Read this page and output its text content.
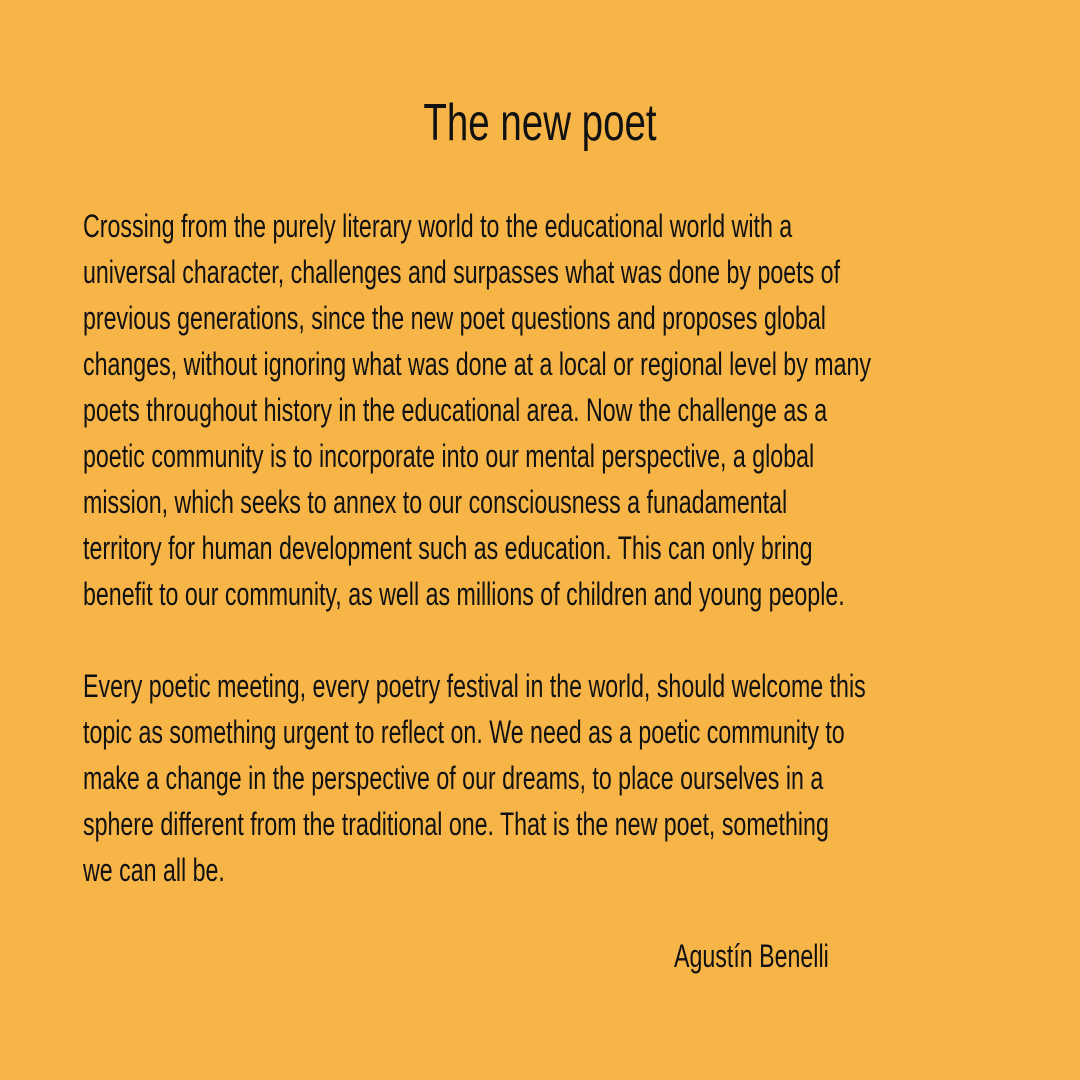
The new poet

Crossing from the purely literary world to the educational world with a
universal character, challenges and surpasses what was done by poets of
previous generations, since the new poet questions and proposes global
changes, without ignoring what was done at a local or regional level by many
poets throughout history in the educational area. Now the challenge as a
poetic community is to incorporate into our mental perspective, a global
mission, which seeks to annex to our consciousness a funadamental
territory for human development such as education. This can only bring
benefit to our community, as well as millions of children and young people.

Every poetic meeting, every poetry festival in the world, should welcome this
topic as something urgent to reflect on. We need as a poetic community to
make a change in the perspective of our dreams, to place ourselves in a
sphere different from the traditional one. That is the new poet, something
we can all be.

Agustín Benelli
